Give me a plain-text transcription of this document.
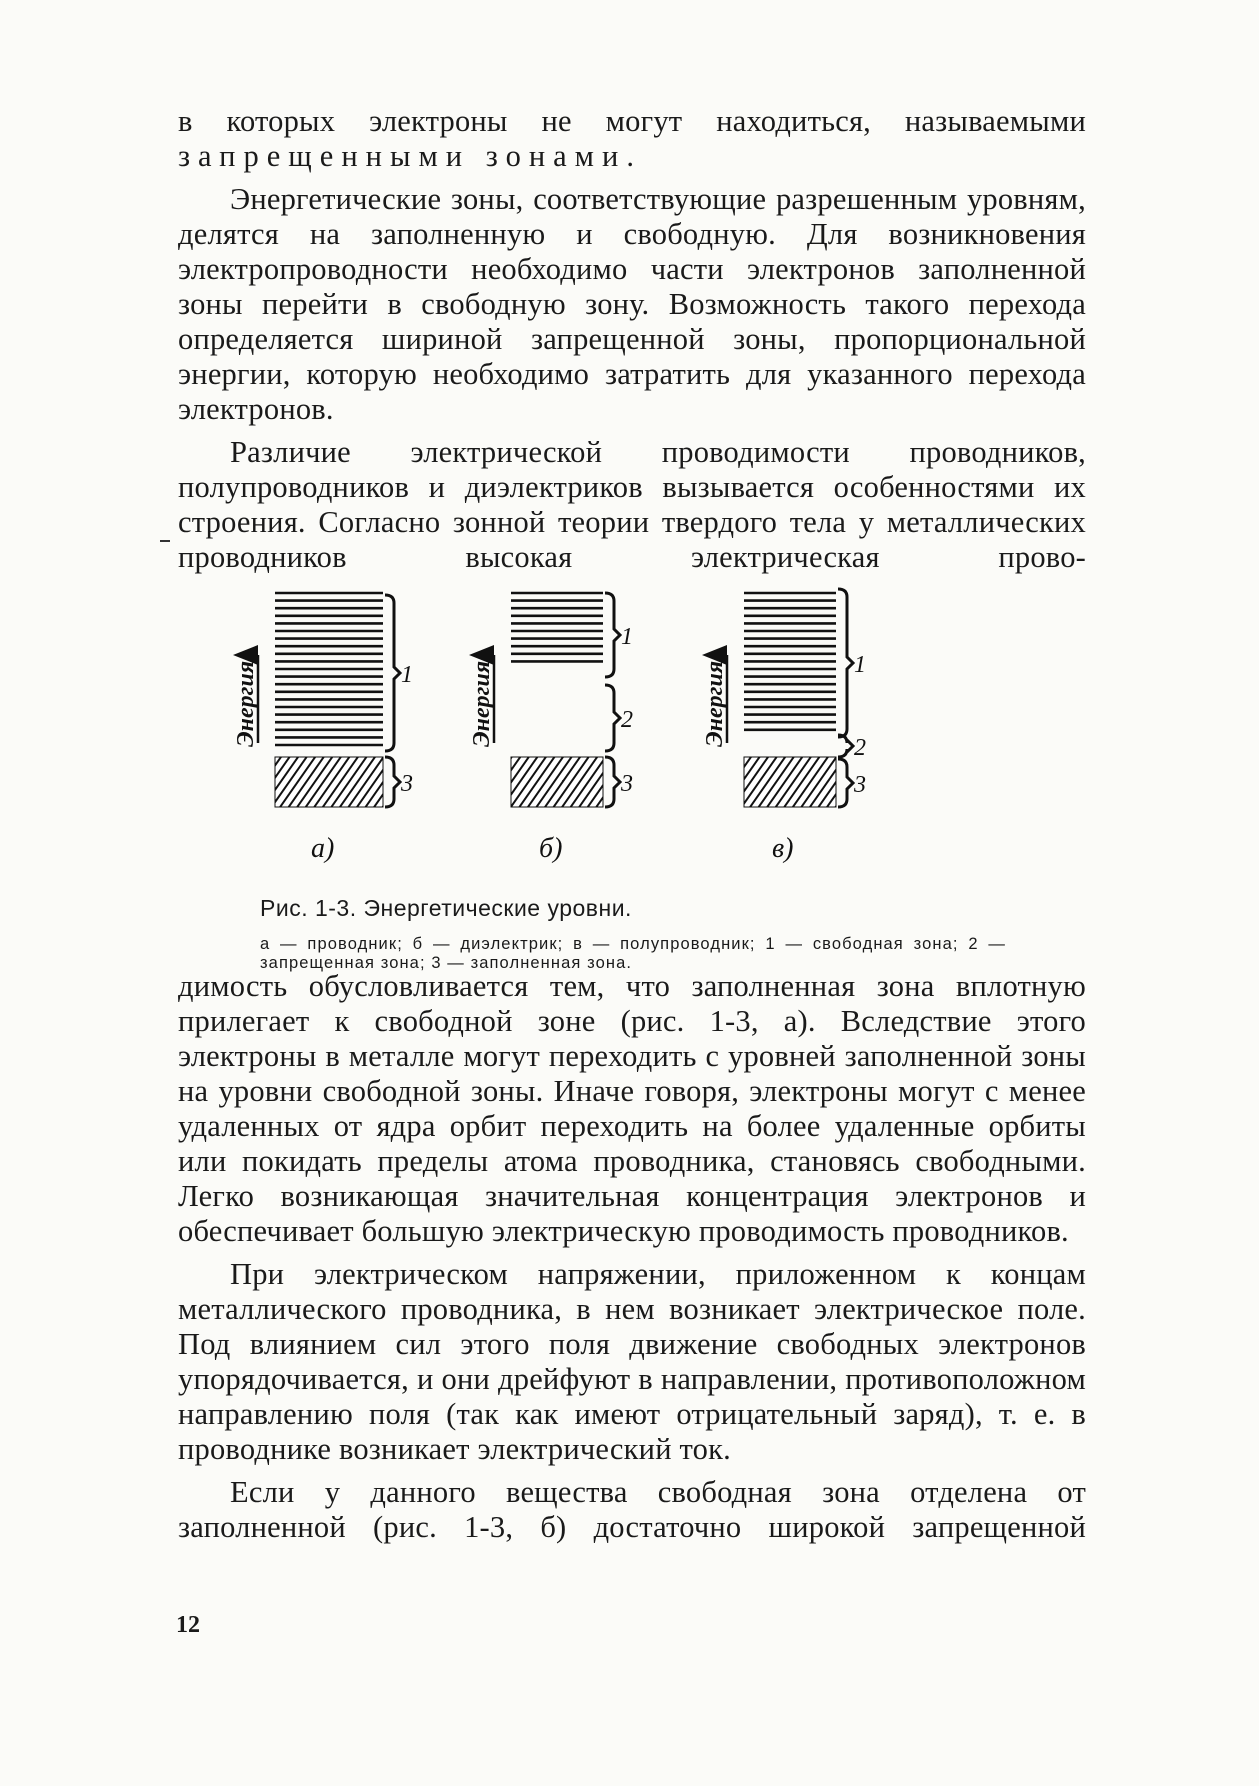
в которых электроны не могут находиться, называемыми запрещенными зонами.

Энергетические зоны, соответствующие разрешенным уровням, делятся на заполненную и свободную. Для возникновения электропроводности необходимо части электронов заполненной зоны перейти в свободную зону. Возможность такого перехода определяется шириной запрещенной зоны, пропорциональной энергии, которую необходимо затратить для указанного перехода электронов.

Различие электрической проводимости проводников, полупроводников и диэлектриков вызывается особенностями их строения. Согласно зонной теории твердого тела у металлических проводников высокая электрическая прово-

Энергия	1
3
а)
Энергия
1
2
3
б)
Энергия	1
2
3
в)
Рис. 1-3. Энергетические уровни.
а — проводник; б — диэлектрик; в — полупроводник; 1 — свободная зона; 2 — запрещенная зона; 3 — заполненная зона.

димость обусловливается тем, что заполненная зона вплотную прилегает к свободной зоне (рис. 1-3, а). Вследствие этого электроны в металле могут переходить с уровней заполненной зоны на уровни свободной зоны. Иначе говоря, электроны могут с менее удаленных от ядра орбит переходить на более удаленные орбиты или покидать пределы атома проводника, становясь свободными. Легко возникающая значительная концентрация электронов и обеспечивает большую электрическую проводимость проводников.

При электрическом напряжении, приложенном к концам металлического проводника, в нем возникает электрическое поле. Под влиянием сил этого поля движение свободных электронов упорядочивается, и они дрейфуют в направлении, противоположном направлению поля (так как имеют отрицательный заряд), т. е. в проводнике возникает электрический ток.

Если у данного вещества свободная зона отделена от заполненной (рис. 1-3, б) достаточно широкой запрещенной

12
